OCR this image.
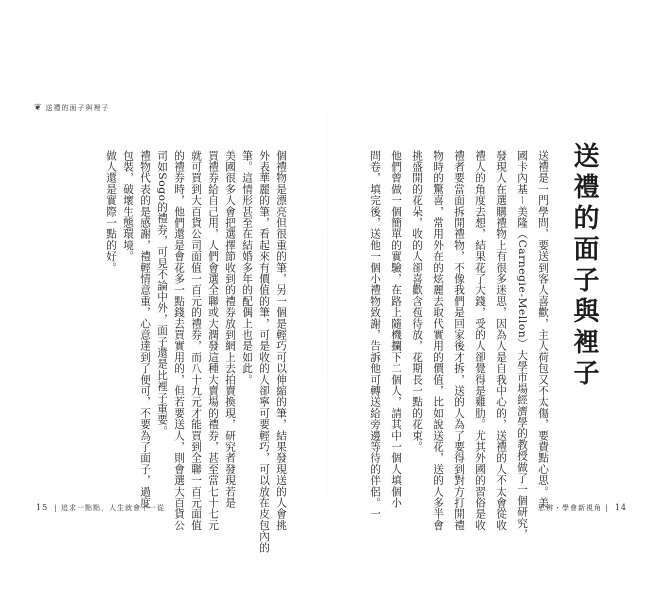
❦ 送禮的面子與裡子
送禮的面子與裡子
送禮是一門學問，要送到客人喜歡，主人荷包又不太傷，要費點心思。美
國卡內基－美隆（Carnegie-Mellon）大學市場經濟學的教授做了一個研究，
發現人在選購禮物上有很多迷思，因為人是自我中心的，送禮的人不太會從收
禮人的角度去想，結果花了大錢，受的人卻覺得是雞肋。尤其外國的習俗是收
禮者要當面拆開禮物，不像我們是回家後才拆，送的人為了要得到對方打開禮
物時的驚喜，常用外在的炫麗去取代實用的價值，比如說送花，送的人多半會
挑盛開的花朵，收的人卻喜歡含苞待放，花期長一點的花束。
他們曾做一個簡單的實驗，在路上隨機攔下二個人，請其中一個人填個小
問卷，填完後，送他一個小禮物致謝，告訴他可轉送給旁邊等待的伴侶。一
個禮物是漂亮但很重的筆，另一個是輕巧可以伸縮的筆，結果發現送的人會挑
外表華麗的筆，看起來有價值的筆，可是收的人卻寧可要輕巧，可以放在皮包內的
筆。這情形甚至在結婚多年的配偶上也是如此。
美國很多人會把選擇節收到的禮券放到網上去拍賣換現，研究者發現若是
買禮券給自己用，人們會選全聯或大潤發這種大賣場的禮券，甚至當七十七元
就可買到大百貨公司面值一百元的禮券，而八十九元才能買到全聯一百元面值
的禮券時，他們還是會花多一點錢去買實用的，但若要送人，則會選大百貨公
司如Sogo的禮券，可見不論中外，面子還是比裡子重要。
禮物代表的是感謝，禮輕情意重，心意達到了便可，不要為了面子，過度
包裝，破壞生態環境。
做人還是實際一點的好。
15 | 追求一點點，人生就會不一從	思辨・學會新視角 | 14
